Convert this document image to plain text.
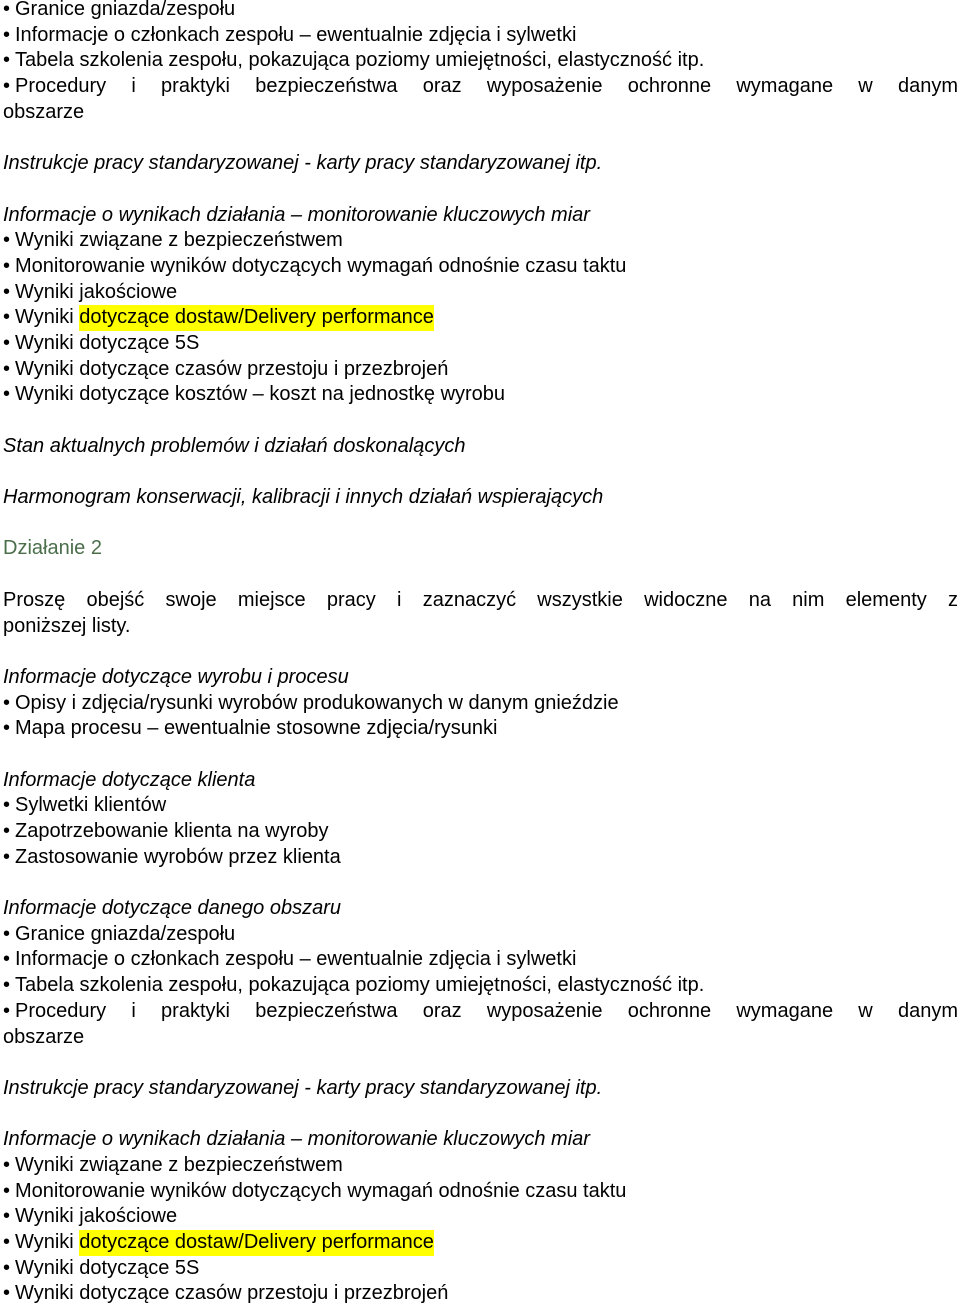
• Granice gniazda/zespołu
• Informacje o członkach zespołu – ewentualnie zdjęcia i sylwetki
• Tabela szkolenia zespołu, pokazująca poziomy umiejętności, elastyczność itp.
• Procedury i praktyki bezpieczeństwa oraz wyposażenie ochronne wymagane w danym
obszarze
Instrukcje pracy standaryzowanej - karty pracy standaryzowanej itp.
Informacje o wynikach działania – monitorowanie kluczowych miar
• Wyniki związane z bezpieczeństwem
• Monitorowanie wyników dotyczących wymagań odnośnie czasu taktu
• Wyniki jakościowe
• Wyniki dotyczące dostaw/Delivery performance
• Wyniki dotyczące 5S
• Wyniki dotyczące czasów przestoju i przezbrojeń
• Wyniki dotyczące kosztów – koszt na jednostkę wyrobu
Stan aktualnych problemów i działań doskonalących
Harmonogram konserwacji, kalibracji i innych działań wspierających
Działanie 2
Proszę obejść swoje miejsce pracy i zaznaczyć wszystkie widoczne na nim elementy z
poniższej listy.
Informacje dotyczące wyrobu i procesu
• Opisy i zdjęcia/rysunki wyrobów produkowanych w danym gnieździe
• Mapa procesu – ewentualnie stosowne zdjęcia/rysunki
Informacje dotyczące klienta
• Sylwetki klientów
• Zapotrzebowanie klienta na wyroby
• Zastosowanie wyrobów przez klienta
Informacje dotyczące danego obszaru
• Granice gniazda/zespołu
• Informacje o członkach zespołu – ewentualnie zdjęcia i sylwetki
• Tabela szkolenia zespołu, pokazująca poziomy umiejętności, elastyczność itp.
• Procedury i praktyki bezpieczeństwa oraz wyposażenie ochronne wymagane w danym
obszarze
Instrukcje pracy standaryzowanej - karty pracy standaryzowanej itp.
Informacje o wynikach działania – monitorowanie kluczowych miar
• Wyniki związane z bezpieczeństwem
• Monitorowanie wyników dotyczących wymagań odnośnie czasu taktu
• Wyniki jakościowe
• Wyniki dotyczące dostaw/Delivery performance
• Wyniki dotyczące 5S
• Wyniki dotyczące czasów przestoju i przezbrojeń
